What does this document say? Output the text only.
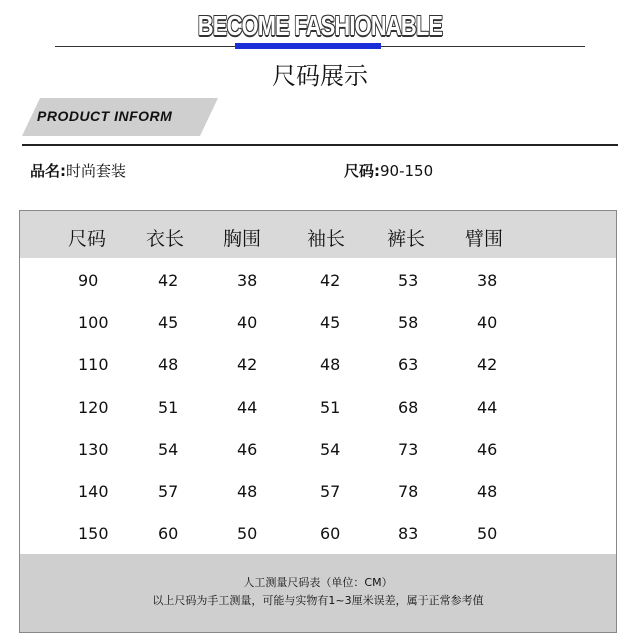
BECOME FASHIONABLE
尺码展示
PRODUCT INFORM
品名:时尚套装	尺码:90-150
尺码 衣长 胸围 袖长 裤长 臂围
90	42	38	42	53	38
100	45	40	45	58	40
110	48	42	48	63	42
120	51	44	51	68	44
130	54	46	54	73	46
140	57	48	57	78	48
150	60	50	60	83	50
人工测量尺码表（单位：CM）
以上尺码为手工测量，可能与实物有1~3厘米误差，属于正常参考值
